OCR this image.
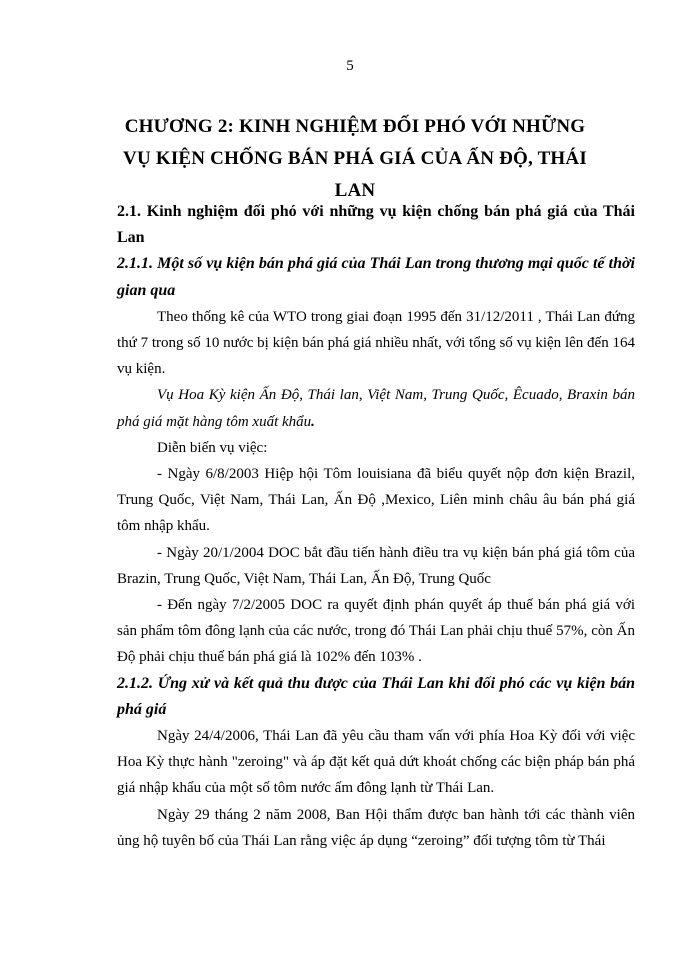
5
CHƯƠNG 2: KINH NGHIỆM ĐỐI PHÓ VỚI NHỮNG VỤ KIỆN CHỐNG BÁN PHÁ GIÁ CỦA ẤN ĐỘ, THÁI LAN

2.1. Kinh nghiệm đối phó với những vụ kiện chống bán phá giá của Thái Lan

2.1.1. Một số vụ kiện bán phá giá của Thái Lan trong thương mại quốc tế thời gian qua

Theo thống kê của WTO trong giai đoạn 1995 đến 31/12/2011 , Thái Lan đứng thứ 7 trong số 10 nước bị kiện bán phá giá nhiều nhất, với tổng số vụ kiện lên đến 164 vụ kiện.

Vụ Hoa Kỳ kiện Ấn Độ, Thái lan, Việt Nam, Trung Quốc, Êcuado, Braxin bán phá giá mặt hàng tôm xuất khẩu.

Diễn biến vụ việc:

- Ngày 6/8/2003 Hiệp hội Tôm louisiana đã biểu quyết nộp đơn kiện Brazil, Trung Quốc, Việt Nam, Thái Lan, Ấn Độ ,Mexico, Liên minh châu âu bán phá giá tôm nhập khẩu.

- Ngày 20/1/2004 DOC bắt đầu tiến hành điều tra vụ kiện bán phá giá tôm của Brazin, Trung Quốc, Việt Nam, Thái Lan, Ấn Độ, Trung Quốc

- Đến ngày 7/2/2005 DOC ra quyết định phán quyết áp thuế bán phá giá với sản phẩm tôm đông lạnh của các nước, trong đó Thái Lan phải chịu thuế 57%, còn Ấn Độ phải chịu thuế bán phá giá là 102% đến 103% .

2.1.2. Ứng xử và kết quả thu được của Thái Lan khi đối phó các vụ kiện bán phá giá

Ngày 24/4/2006, Thái Lan đã yêu cầu tham vấn với phía Hoa Kỳ đối với việc Hoa Kỳ thực hành "zeroing" và áp đặt kết quả dứt khoát chống các biện pháp bán phá giá nhập khẩu của một số tôm nước ấm đông lạnh từ Thái Lan.

Ngày 29 tháng 2 năm 2008, Ban Hội thẩm được ban hành tới các thành viên ủng hộ tuyên bố của Thái Lan rằng việc áp dụng “zeroing” đối tượng tôm từ Thái
